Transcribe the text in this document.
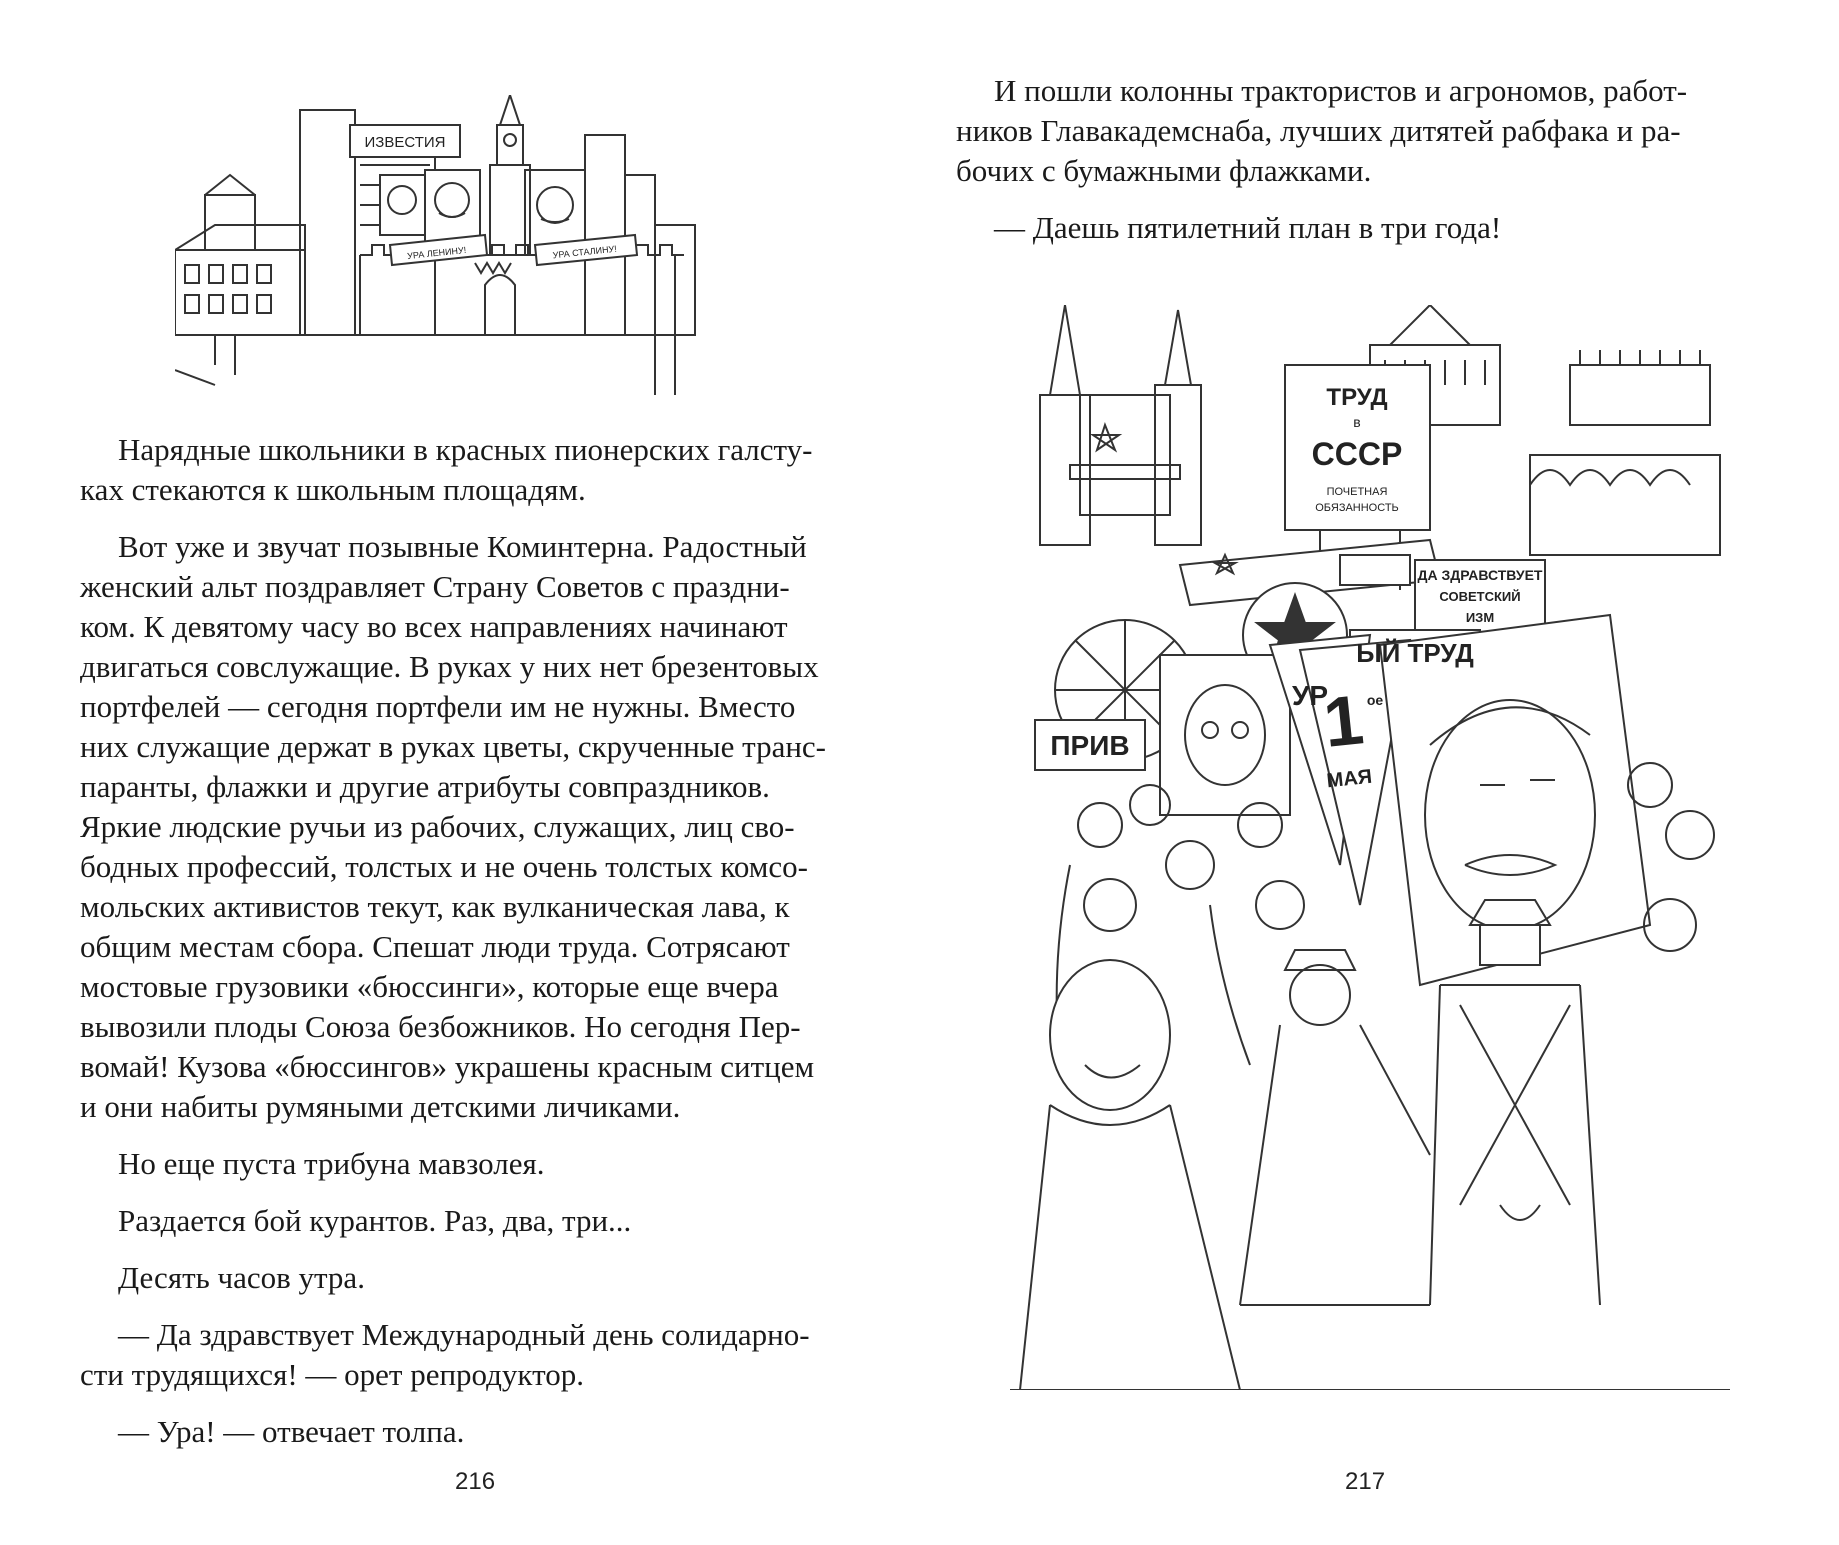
ИЗВЕСТИЯ
УРА ЛЕНИНУ!	УРА СТАЛИНУ!

Нарядные школьники в красных пионерских галсту-
ках стекаются к школьным площадям.

Вот уже и звучат позывные Коминтерна. Радостный
женский альт поздравляет Страну Советов с праздни-
ком. К девятому часу во всех направлениях начинают
двигаться совслужащие. В руках у них нет брезентовых
портфелей — сегодня портфели им не нужны. Вместо
них служащие держат в руках цветы, скрученные транс-
паранты, флажки и другие атрибуты совпраздников.
Яркие людские ручьи из рабочих, служащих, лиц сво-
бодных профессий, толстых и не очень толстых комсо-
мольских активистов текут, как вулканическая лава, к
общим местам сбора. Спешат люди труда. Сотрясают
мостовые грузовики «бюссинги», которые еще вчера
вывозили плоды Союза безбожников. Но сегодня Пер-
вомай! Кузова «бюссингов» украшены красным ситцем
и они набиты румяными детскими личиками.

Но еще пуста трибуна мавзолея.

Раздается бой курантов. Раз, два, три...

Десять часов утра.

— Да здравствует Международный день солидарно-
сти трудящихся! — орет репродуктор.

— Ура! — отвечает толпа.

216

И пошли колонны трактористов и агрономов, работ-
ников Главакадемснаба, лучших дитятей рабфака и ра-
бочих с бумажными флажками.

— Даешь пятилетний план в три года!

ТРУД
в
СССР
ПОЧЕТНАЯ
ОБЯЗАННОСТЬ
ДА ЗДРАВСТВУЕТ
СОВЕТСКИЙ
ИЗМ
ПРИВ
ЫЙ ТРУД
1 ое
МАЯ
УР
217
